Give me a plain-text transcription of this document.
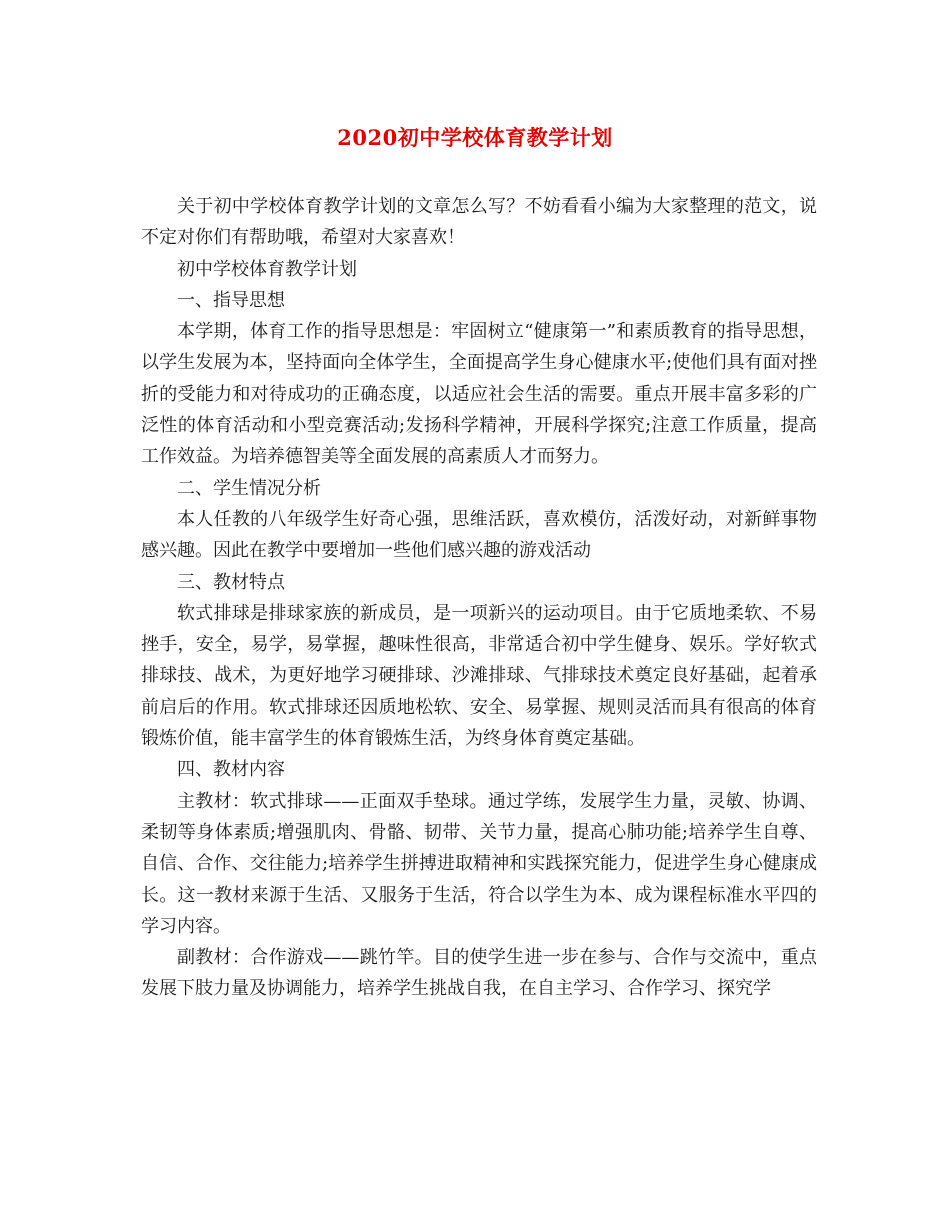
2020初中学校体育教学计划

关于初中学校体育教学计划的文章怎么写？不妨看看小编为大家整理的范文，说不定对你们有帮助哦，希望对大家喜欢！

初中学校体育教学计划

一、指导思想

本学期，体育工作的指导思想是：牢固树立“健康第一”和素质教育的指导思想，以学生发展为本，坚持面向全体学生，全面提高学生身心健康水平;使他们具有面对挫折的受能力和对待成功的正确态度，以适应社会生活的需要。重点开展丰富多彩的广泛性的体育活动和小型竞赛活动;发扬科学精神，开展科学探究;注意工作质量，提高工作效益。为培养德智美等全面发展的高素质人才而努力。

二、学生情况分析

本人任教的八年级学生好奇心强，思维活跃，喜欢模仿，活泼好动，对新鲜事物感兴趣。因此在教学中要增加一些他们感兴趣的游戏活动

三、教材特点

软式排球是排球家族的新成员，是一项新兴的运动项目。由于它质地柔软、不易挫手，安全，易学，易掌握，趣味性很高，非常适合初中学生健身、娱乐。学好软式排球技、战术，为更好地学习硬排球、沙滩排球、气排球技术奠定良好基础，起着承前启后的作用。软式排球还因质地松软、安全、易掌握、规则灵活而具有很高的体育锻炼价值，能丰富学生的体育锻炼生活，为终身体育奠定基础。

四、教材内容

主教材：软式排球——正面双手垫球。通过学练，发展学生力量，灵敏、协调、柔韧等身体素质;增强肌肉、骨骼、韧带、关节力量，提高心肺功能;培养学生自尊、自信、合作、交往能力;培养学生拼搏进取精神和实践探究能力，促进学生身心健康成长。这一教材来源于生活、又服务于生活，符合以学生为本、成为课程标准水平四的学习内容。

副教材：合作游戏——跳竹竿。目的使学生进一步在参与、合作与交流中，重点发展下肢力量及协调能力，培养学生挑战自我，在自主学习、合作学习、探究学
